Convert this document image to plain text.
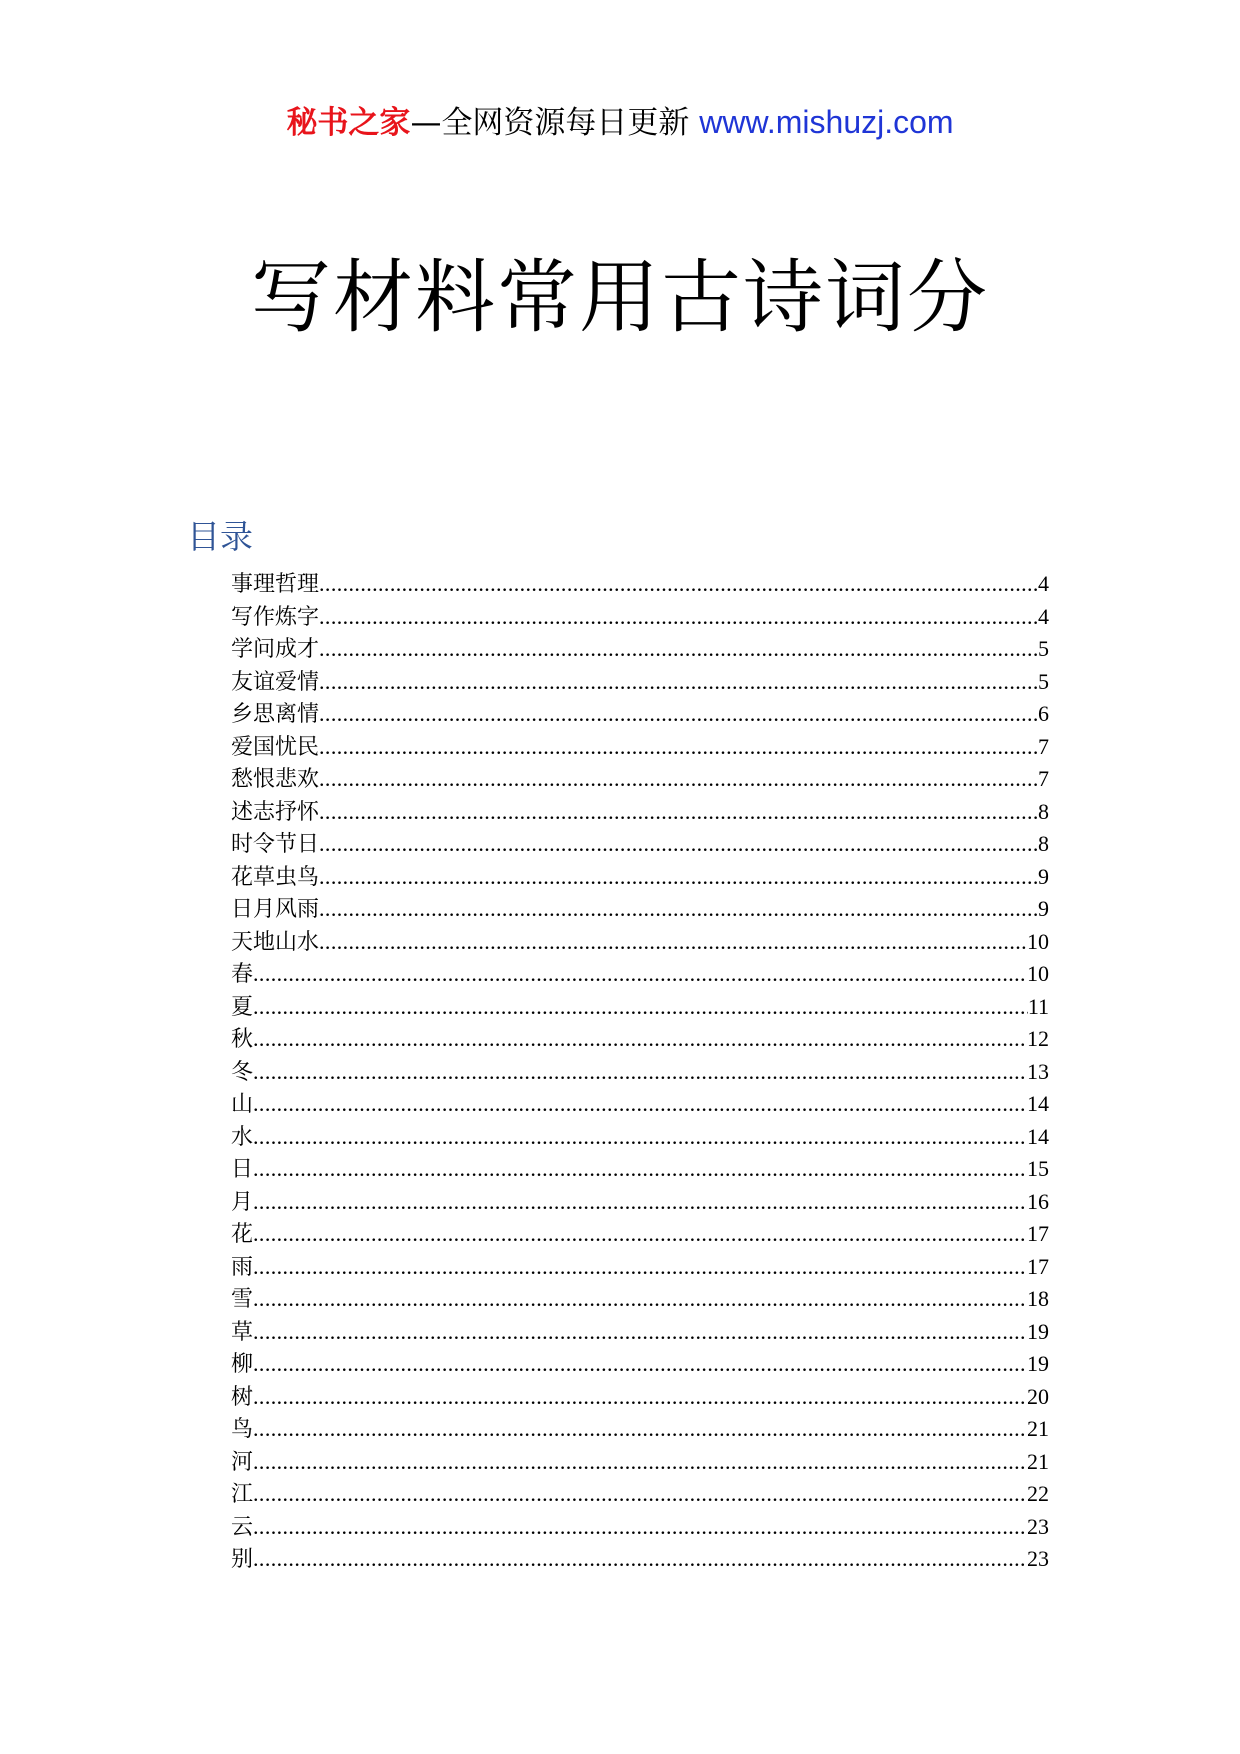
秘书之家—全网资源每日更新 www.mishuzj.com
写材料常用古诗词分
目录
事理哲理 .....	4
写作炼字 .....	4
学问成才 .....	5
友谊爱情 .....	5
乡思离情 .....	6
爱国忧民 .....	7
愁恨悲欢 .....	7
述志抒怀 .....	8
时令节日 .....	8
花草虫鸟 .....	9
日月风雨 .....	9
天地山水 .....	10
春 .....	10
夏 .....	11
秋 .....	12
冬 .....	13
山 .....	14
水 .....	14
日 .....	15
月 .....	16
花 .....	17
雨 .....	17
雪 .....	18
草 .....	19
柳 .....	19
树 .....	20
鸟 .....	21
河 .....	21
江 .....	22
云 .....	23
别 .....	23
